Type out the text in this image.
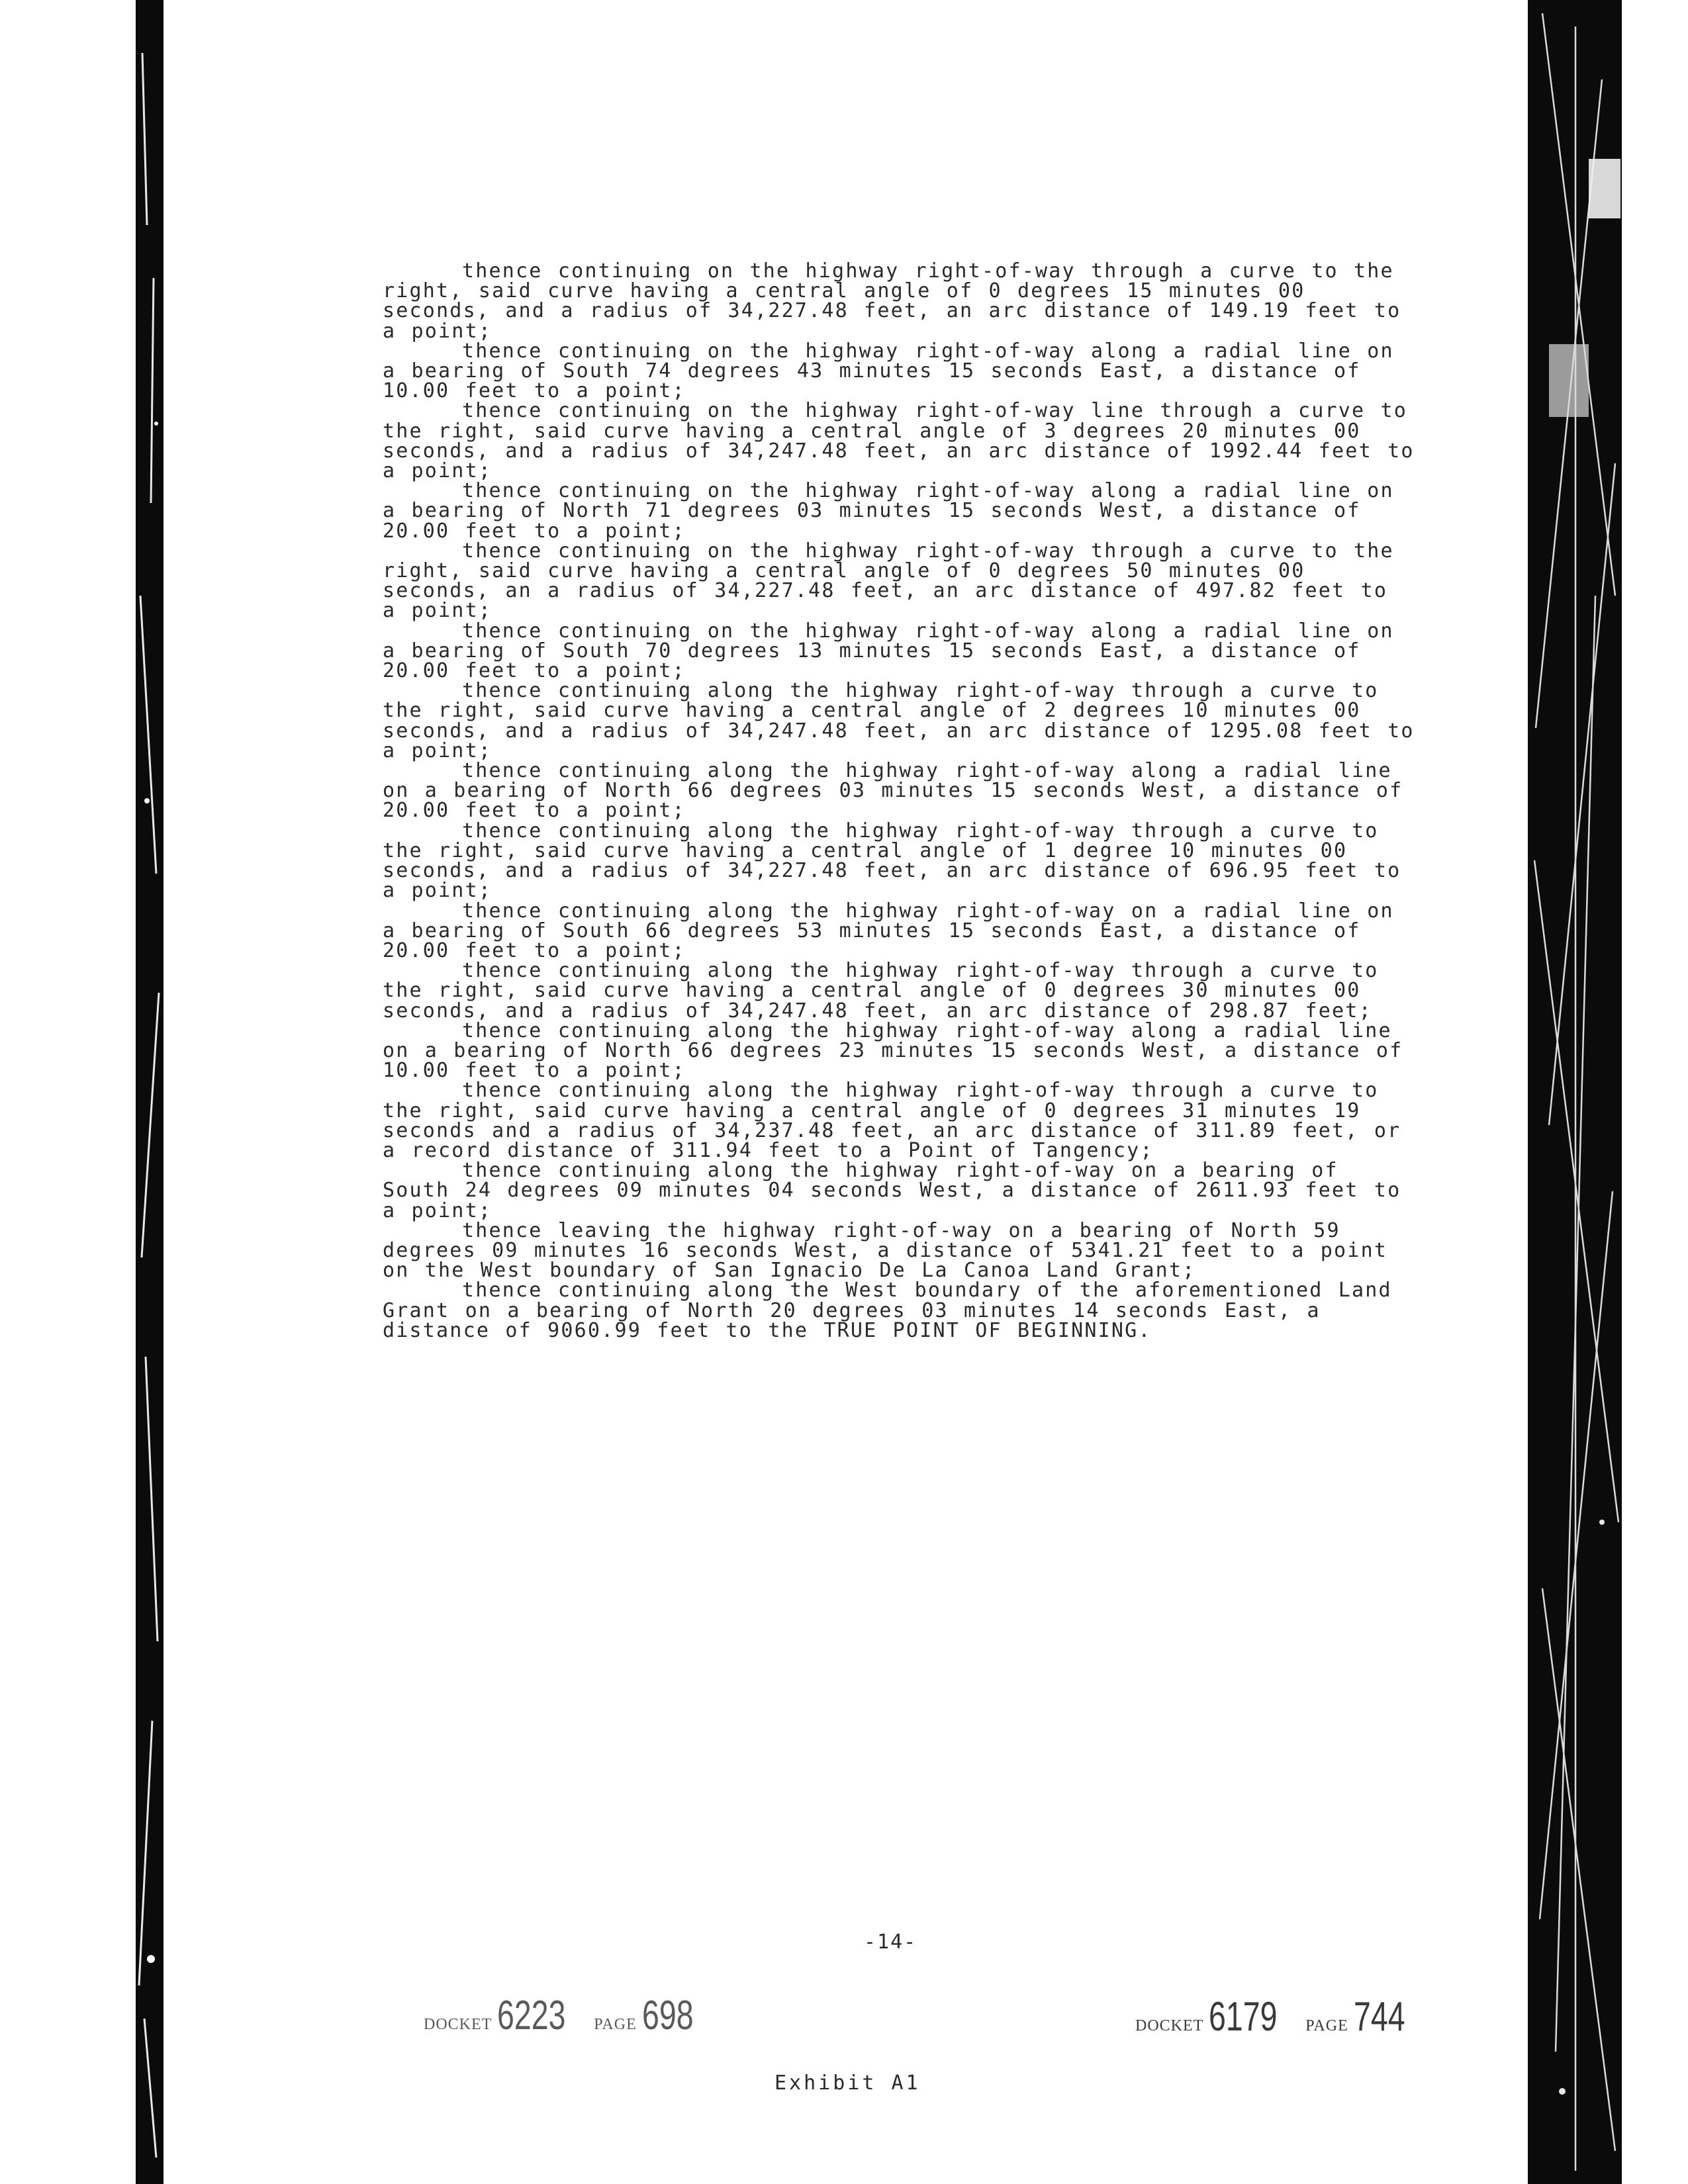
thence continuing on the highway right-of-way through a curve to the right, said curve having a central angle of 0 degrees 15 minutes 00 seconds, and a radius of 34,227.48 feet, an arc distance of 149.19 feet to a point;

thence continuing on the highway right-of-way along a radial line on a bearing of South 74 degrees 43 minutes 15 seconds East, a distance of 10.00 feet to a point;

thence continuing on the highway right-of-way line through a curve to the right, said curve having a central angle of 3 degrees 20 minutes 00 seconds, and a radius of 34,247.48 feet, an arc distance of 1992.44 feet to a point;

thence continuing on the highway right-of-way along a radial line on a bearing of North 71 degrees 03 minutes 15 seconds West, a distance of 20.00 feet to a point;

thence continuing on the highway right-of-way through a curve to the right, said curve having a central angle of 0 degrees 50 minutes 00 seconds, an a radius of 34,227.48 feet, an arc distance of 497.82 feet to a point;

thence continuing on the highway right-of-way along a radial line on a bearing of South 70 degrees 13 minutes 15 seconds East, a distance of 20.00 feet to a point;

thence continuing along the highway right-of-way through a curve to the right, said curve having a central angle of 2 degrees 10 minutes 00 seconds, and a radius of 34,247.48 feet, an arc distance of 1295.08 feet to a point;

thence continuing along the highway right-of-way along a radial line on a bearing of North 66 degrees 03 minutes 15 seconds West, a distance of 20.00 feet to a point;

thence continuing along the highway right-of-way through a curve to the right, said curve having a central angle of 1 degree 10 minutes 00 seconds, and a radius of 34,227.48 feet, an arc distance of 696.95 feet to a point;

thence continuing along the highway right-of-way on a radial line on a bearing of South 66 degrees 53 minutes 15 seconds East, a distance of 20.00 feet to a point;

thence continuing along the highway right-of-way through a curve to the right, said curve having a central angle of 0 degrees 30 minutes 00 seconds, and a radius of 34,247.48 feet, an arc distance of 298.87 feet;

thence continuing along the highway right-of-way along a radial line on a bearing of North 66 degrees 23 minutes 15 seconds West, a distance of 10.00 feet to a point;

thence continuing along the highway right-of-way through a curve to the right, said curve having a central angle of 0 degrees 31 minutes 19 seconds and a radius of 34,237.48 feet, an arc distance of 311.89 feet, or a record distance of 311.94 feet to a Point of Tangency;

thence continuing along the highway right-of-way on a bearing of South 24 degrees 09 minutes 04 seconds West, a distance of 2611.93 feet to a point;

thence leaving the highway right-of-way on a bearing of North 59 degrees 09 minutes 16 seconds West, a distance of 5341.21 feet to a point on the West boundary of San Ignacio De La Canoa Land Grant;

thence continuing along the West boundary of the aforementioned Land Grant on a bearing of North 20 degrees 03 minutes 14 seconds East, a distance of 9060.99 feet to the TRUE POINT OF BEGINNING.

-14-
DOCKET 6223 PAGE 698	DOCKET 6179 PAGE 744
Exhibit A1
